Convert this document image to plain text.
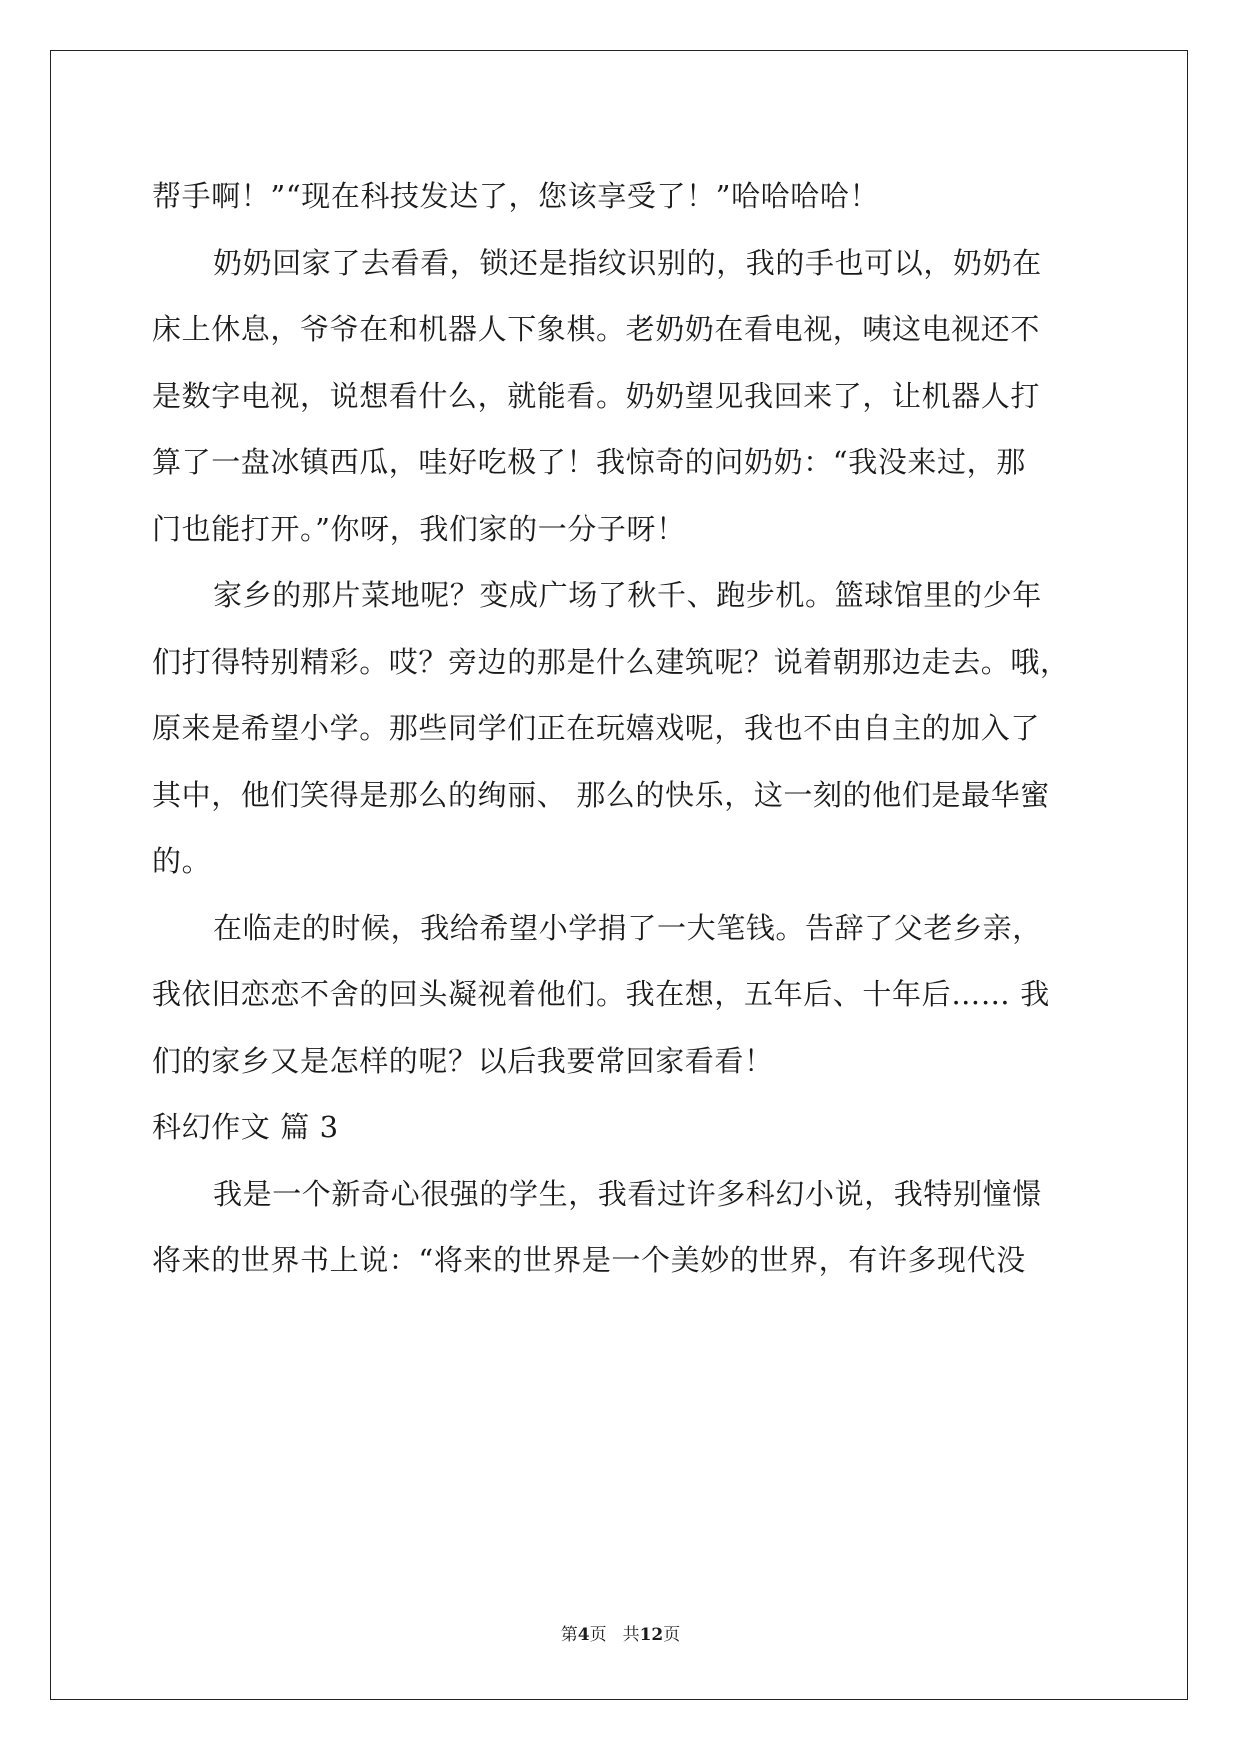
帮手啊！”“现在科技发达了，您该享受了！”哈哈哈哈！
奶奶回家了去看看，锁还是指纹识别的，我的手也可以，奶奶在
床上休息，爷爷在和机器人下象棋。老奶奶在看电视，咦这电视还不
是数字电视，说想看什么，就能看。奶奶望见我回来了，让机器人打
算了一盘冰镇西瓜，哇好吃极了！我惊奇的问奶奶：“我没来过，那
门也能打开。”你呀，我们家的一分子呀！
家乡的那片菜地呢？变成广场了秋千、跑步机。篮球馆里的少年
们打得特别精彩。哎？旁边的那是什么建筑呢？说着朝那边走去。哦，
原来是希望小学。那些同学们正在玩嬉戏呢，我也不由自主的加入了
其中，他们笑得是那么的绚丽、 那么的快乐，这一刻的他们是最华蜜
的。
在临走的时候，我给希望小学捐了一大笔钱。告辞了父老乡亲，
我依旧恋恋不舍的回头凝视着他们。我在想，五年后、十年后…… 我
们的家乡又是怎样的呢？以后我要常回家看看！
科幻作文 篇 3
我是一个新奇心很强的学生，我看过许多科幻小说，我特别憧憬
将来的世界书上说：“将来的世界是一个美妙的世界，有许多现代没
第4页 共12页
